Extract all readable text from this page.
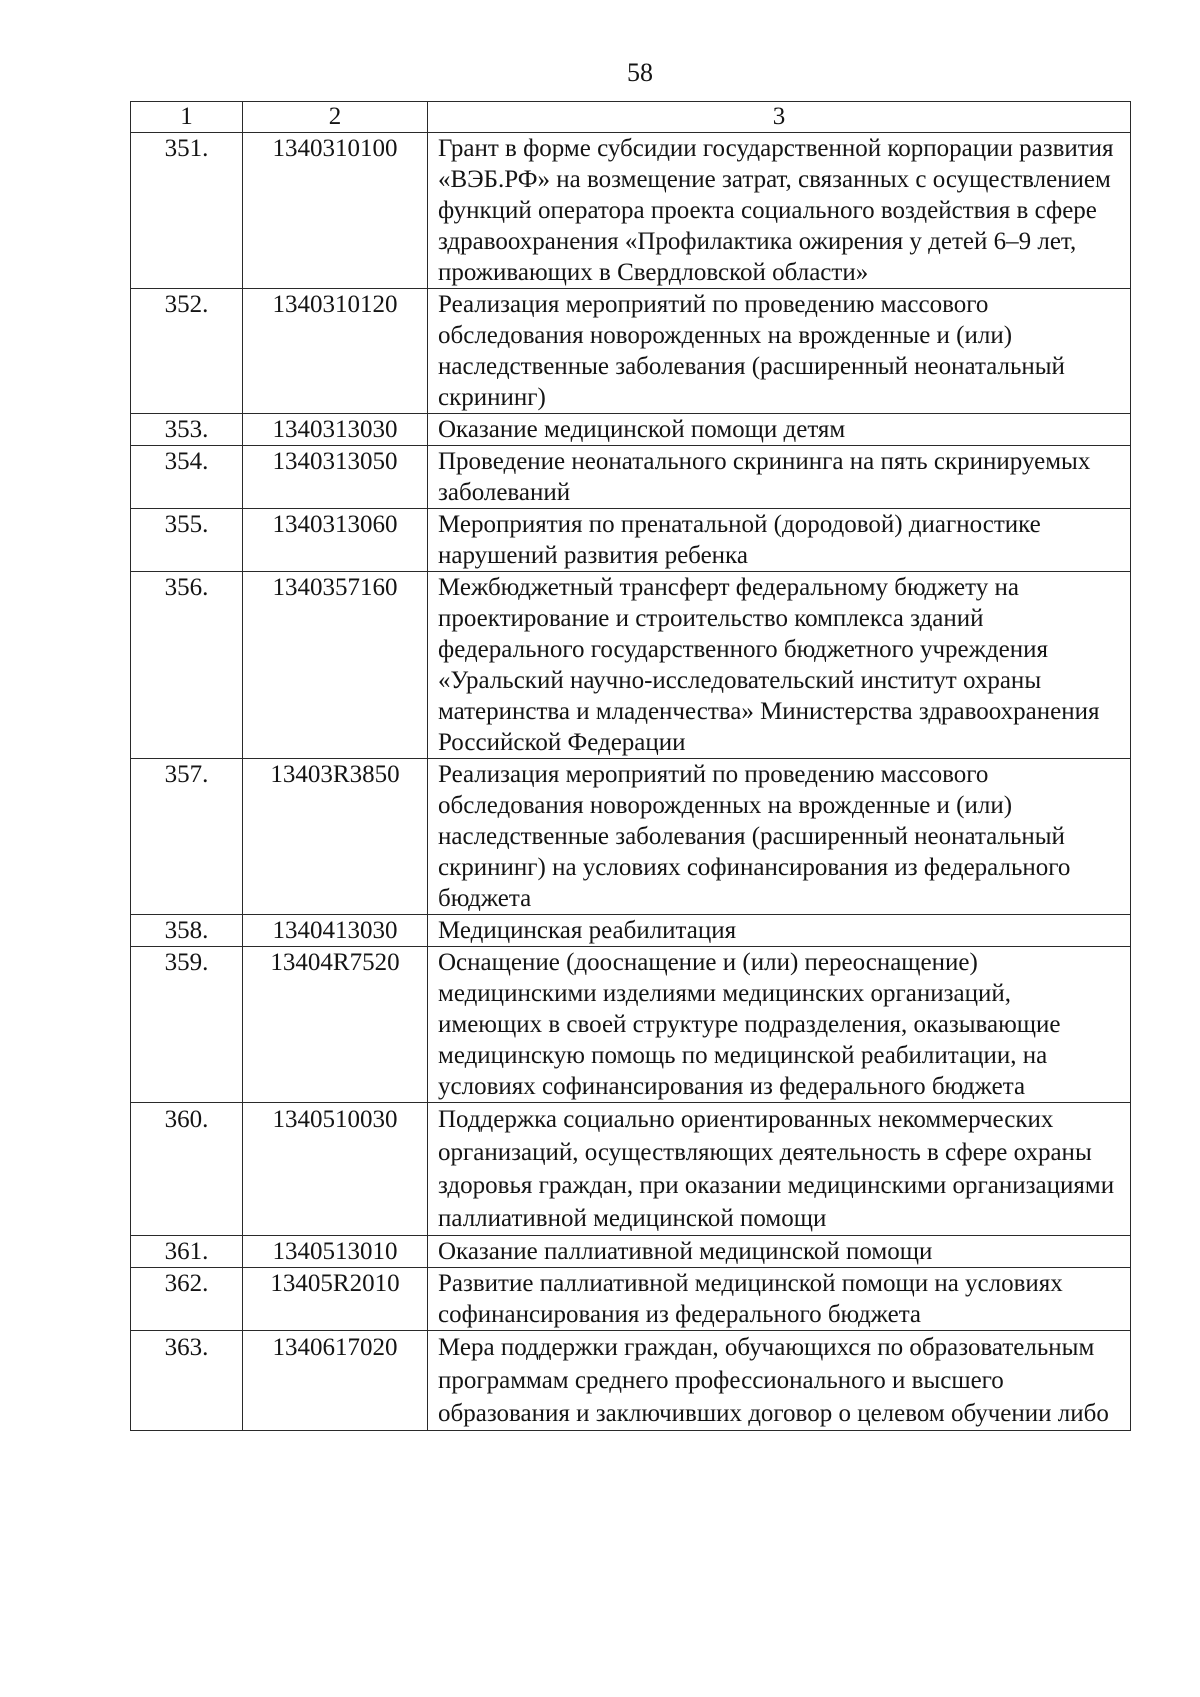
58
1	2	3
351.	1340310100	Грант в форме субсидии государственной корпорации развития «ВЭБ.РФ» на возмещение затрат, связанных с осуществлением функций оператора проекта социального воздействия в сфере здравоохранения «Профилактика ожирения у детей 6–9 лет, проживающих в Свердловской области»
352.	1340310120	Реализация мероприятий по проведению массового обследования новорожденных на врожденные и (или) наследственные заболевания (расширенный неонатальный скрининг)
353.	1340313030	Оказание медицинской помощи детям
354.	1340313050	Проведение неонатального скрининга на пять скринируемых заболеваний
355.	1340313060	Мероприятия по пренатальной (дородовой) диагностике нарушений развития ребенка
356.	1340357160	Межбюджетный трансферт федеральному бюджету на проектирование и строительство комплекса зданий федерального государственного бюджетного учреждения «Уральский научно-исследовательский институт охраны материнства и младенчества» Министерства здравоохранения Российской Федерации
357.	13403R3850	Реализация мероприятий по проведению массового обследования новорожденных на врожденные и (или) наследственные заболевания (расширенный неонатальный скрининг) на условиях софинансирования из федерального бюджета
358.	1340413030	Медицинская реабилитация
359.	13404R7520	Оснащение (дооснащение и (или) переоснащение) медицинскими изделиями медицинских организаций, имеющих в своей структуре подразделения, оказывающие медицинскую помощь по медицинской реабилитации, на условиях софинансирования из федерального бюджета
360.	1340510030	Поддержка социально ориентированных некоммерческих организаций, осуществляющих деятельность в сфере охраны здоровья граждан, при оказании медицинскими организациями паллиативной медицинской помощи
361.	1340513010	Оказание паллиативной медицинской помощи
362.	13405R2010	Развитие паллиативной медицинской помощи на условиях софинансирования из федерального бюджета
363.	1340617020	Мера поддержки граждан, обучающихся по образовательным программам среднего профессионального и высшего образования и заключивших договор о целевом обучении либо
